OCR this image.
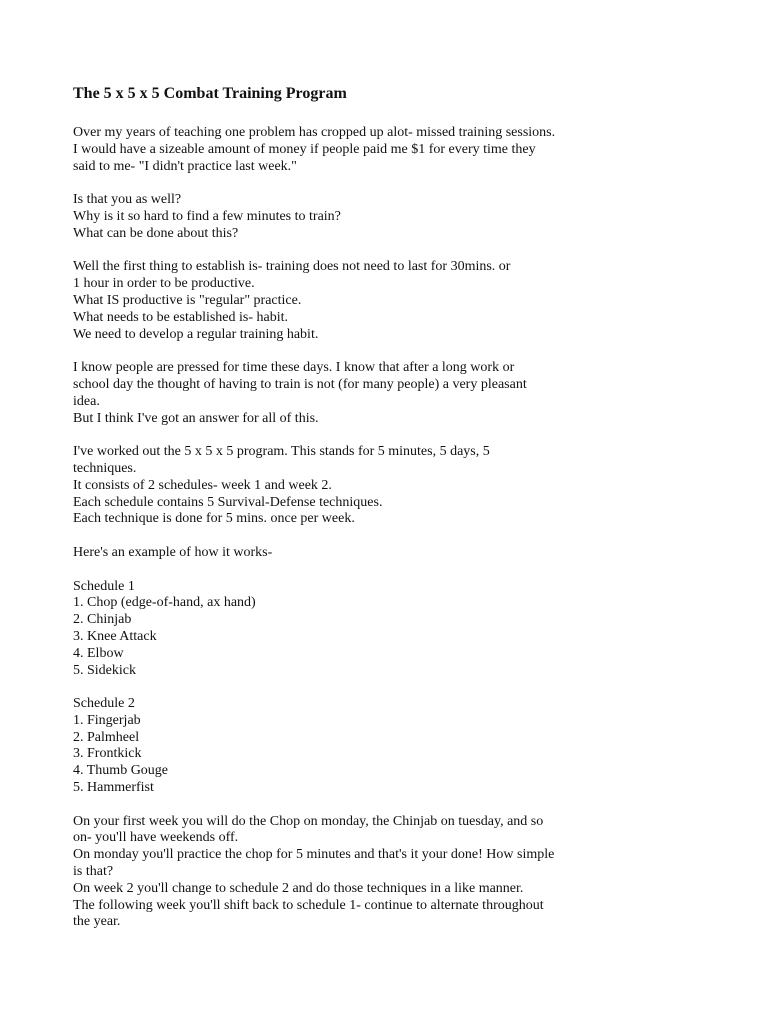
The 5 x 5 x 5 Combat Training Program
Over my years of teaching one problem has cropped up alot- missed training sessions.
I would have a sizeable amount of money if people paid me $1 for every time they
said to me- "I didn't practice last week."
Is that you as well?
Why is it so hard to find a few minutes to train?
What can be done about this?
Well the first thing to establish is- training does not need to last for 30mins. or
1 hour in order to be productive.
What IS productive is "regular" practice.
What needs to be established is- habit.
We need to develop a regular training habit.
I know people are pressed for time these days. I know that after a long work or
school day the thought of having to train is not (for many people) a very pleasant
idea.
But I think I've got an answer for all of this.
I've worked out the 5 x 5 x 5 program. This stands for 5 minutes, 5 days, 5
techniques.
It consists of 2 schedules- week 1 and week 2.
Each schedule contains 5 Survival-Defense techniques.
Each technique is done for 5 mins. once per week.
Here's an example of how it works-
Schedule 1
1. Chop (edge-of-hand, ax hand)
2. Chinjab
3. Knee Attack
4. Elbow
5. Sidekick
Schedule 2
1. Fingerjab
2. Palmheel
3. Frontkick
4. Thumb Gouge
5. Hammerfist
On your first week you will do the Chop on monday, the Chinjab on tuesday, and so
on- you'll have weekends off.
On monday you'll practice the chop for 5 minutes and that's it your done! How simple
is that?
On week 2 you'll change to schedule 2 and do those techniques in a like manner.
The following week you'll shift back to schedule 1- continue to alternate throughout
the year.
